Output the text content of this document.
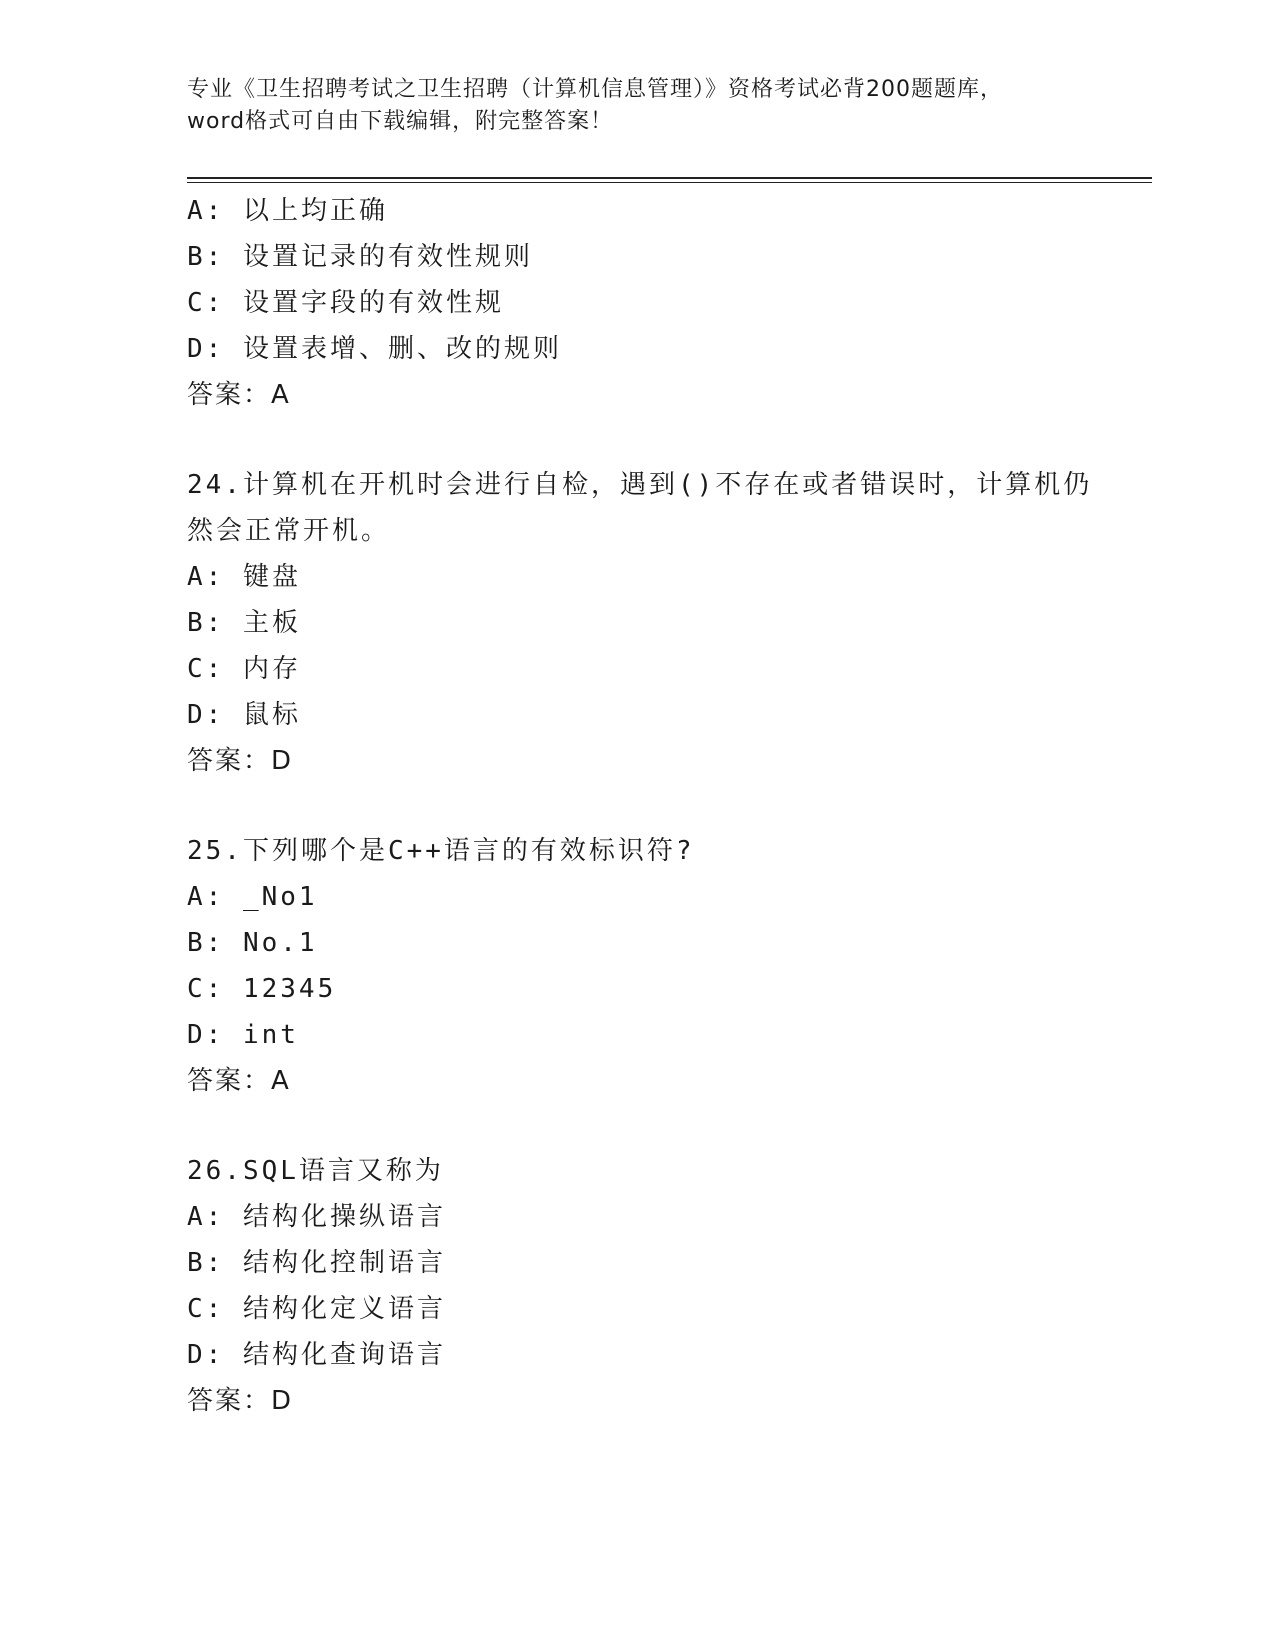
专业《卫生招聘考试之卫生招聘（计算机信息管理）》资格考试必背200题题库，

word格式可自由下载编辑，附完整答案！

A: 以上均正确
B: 设置记录的有效性规则
C: 设置字段的有效性规
D: 设置表增、删、改的规则
答案：A
24.计算机在开机时会进行自检，遇到()不存在或者错误时，计算机仍然会正常开机。
A: 键盘
B: 主板
C: 内存
D: 鼠标
答案：D
25.下列哪个是C++语言的有效标识符?
A: _No1
B: No.1
C: 12345
D: int
答案：A
26.SQL语言又称为
A: 结构化操纵语言
B: 结构化控制语言
C: 结构化定义语言
D: 结构化查询语言
答案：D
